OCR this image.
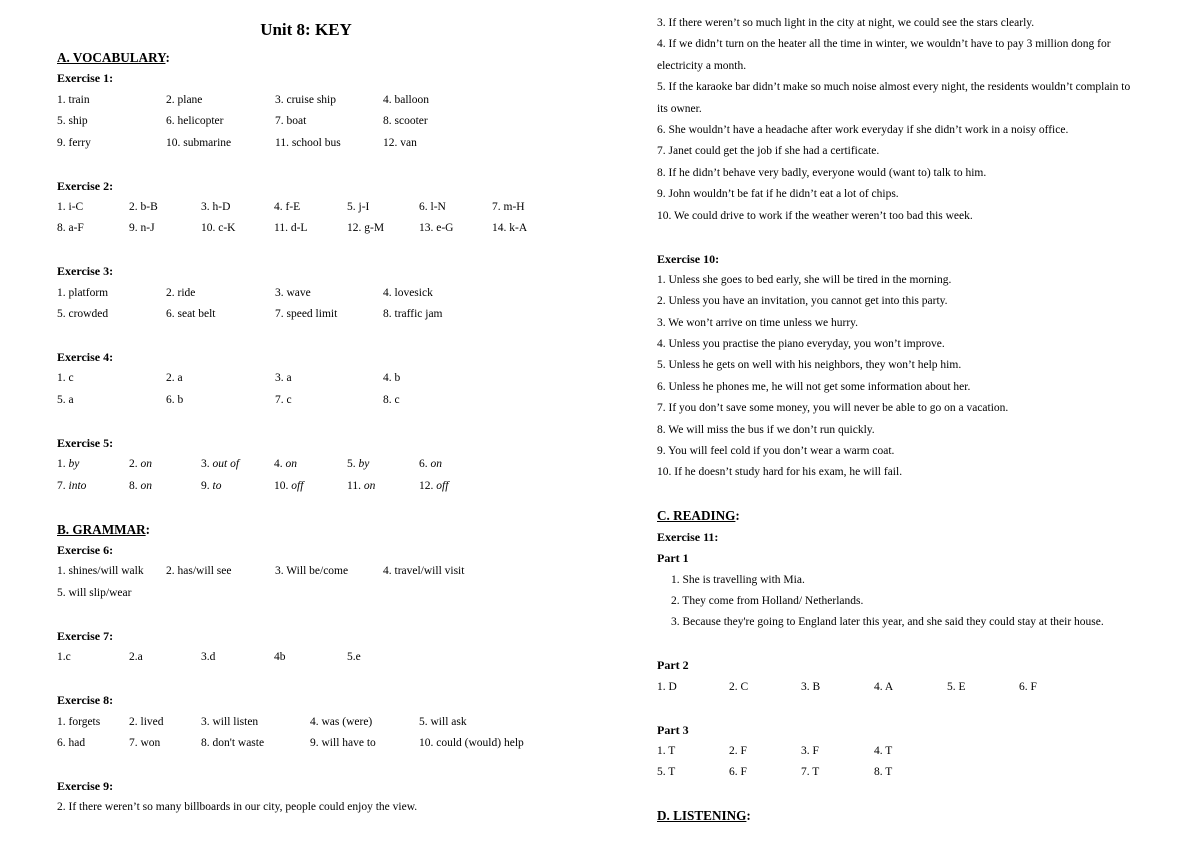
Unit 8: KEY
A. VOCABULARY:
Exercise 1:
1. train	2. plane	3. cruise ship	4. balloon
5. ship	6. helicopter	7. boat	8. scooter
9. ferry	10. submarine	11. school bus	12. van
Exercise 2:
1. i-C	2. b-B	3. h-D	4. f-E	5. j-I	6. l-N	7. m-H
8. a-F	9. n-J	10. c-K	11. d-L	12. g-M	13. e-G	14. k-A
Exercise 3:
1. platform	2. ride	3. wave	4. lovesick
5. crowded	6. seat belt	7. speed limit	8. traffic jam
Exercise 4:
1. c	2. a	3. a	4. b
5. a	6. b	7. c	8. c
Exercise 5:
1. by	2. on	3. out of	4. on	5. by	6. on
7. into	8. on	9. to	10. off	11. on	12. off
B. GRAMMAR:
Exercise 6:
1. shines/will walk 2. has/will see	3. Will be/come	4. travel/will visit
5. will slip/wear
Exercise 7:
1.c	2.a	3.d	4b	5.e
Exercise 8:
1. forgets	2. lived	3. will listen	4. was (were)	5. will ask
6. had	7. won	8. don't waste	9. will have to	10. could (would) help
Exercise 9:
2. If there weren’t so many billboards in our city, people could enjoy the view.
3. If there weren’t so much light in the city at night, we could see the stars clearly.
4. If we didn’t turn on the heater all the time in winter, we wouldn’t have to pay 3 million dong for
electricity a month.
5. If the karaoke bar didn’t make so much noise almost every night, the residents wouldn’t complain to
its owner.
6. She wouldn’t have a headache after work everyday if she didn’t work in a noisy office.
7. Janet could get the job if she had a certificate.
8. If he didn’t behave very badly, everyone would (want to) talk to him.
9. John wouldn’t be fat if he didn’t eat a lot of chips.
10. We could drive to work if the weather weren’t too bad this week.
Exercise 10:
1. Unless she goes to bed early, she will be tired in the morning.
2. Unless you have an invitation, you cannot get into this party.
3. We won’t arrive on time unless we hurry.
4. Unless you practise the piano everyday, you won’t improve.
5. Unless he gets on well with his neighbors, they won’t help him.
6. Unless he phones me, he will not get some information about her.
7. If you don’t save some money, you will never be able to go on a vacation.
8. We will miss the bus if we don’t run quickly.
9. You will feel cold if you don’t wear a warm coat.
10. If he doesn’t study hard for his exam, he will fail.
C. READING:
Exercise 11:
Part 1
1. She is travelling with Mia.
2. They come from Holland/ Netherlands.
3. Because they're going to England later this year, and she said they could stay at their house.
Part 2
1. D	2. C	3. B	4. A	5. E	6. F
Part 3
1. T	2. F	3. F	4. T
5. T	6. F	7. T	8. T
D. LISTENING:
